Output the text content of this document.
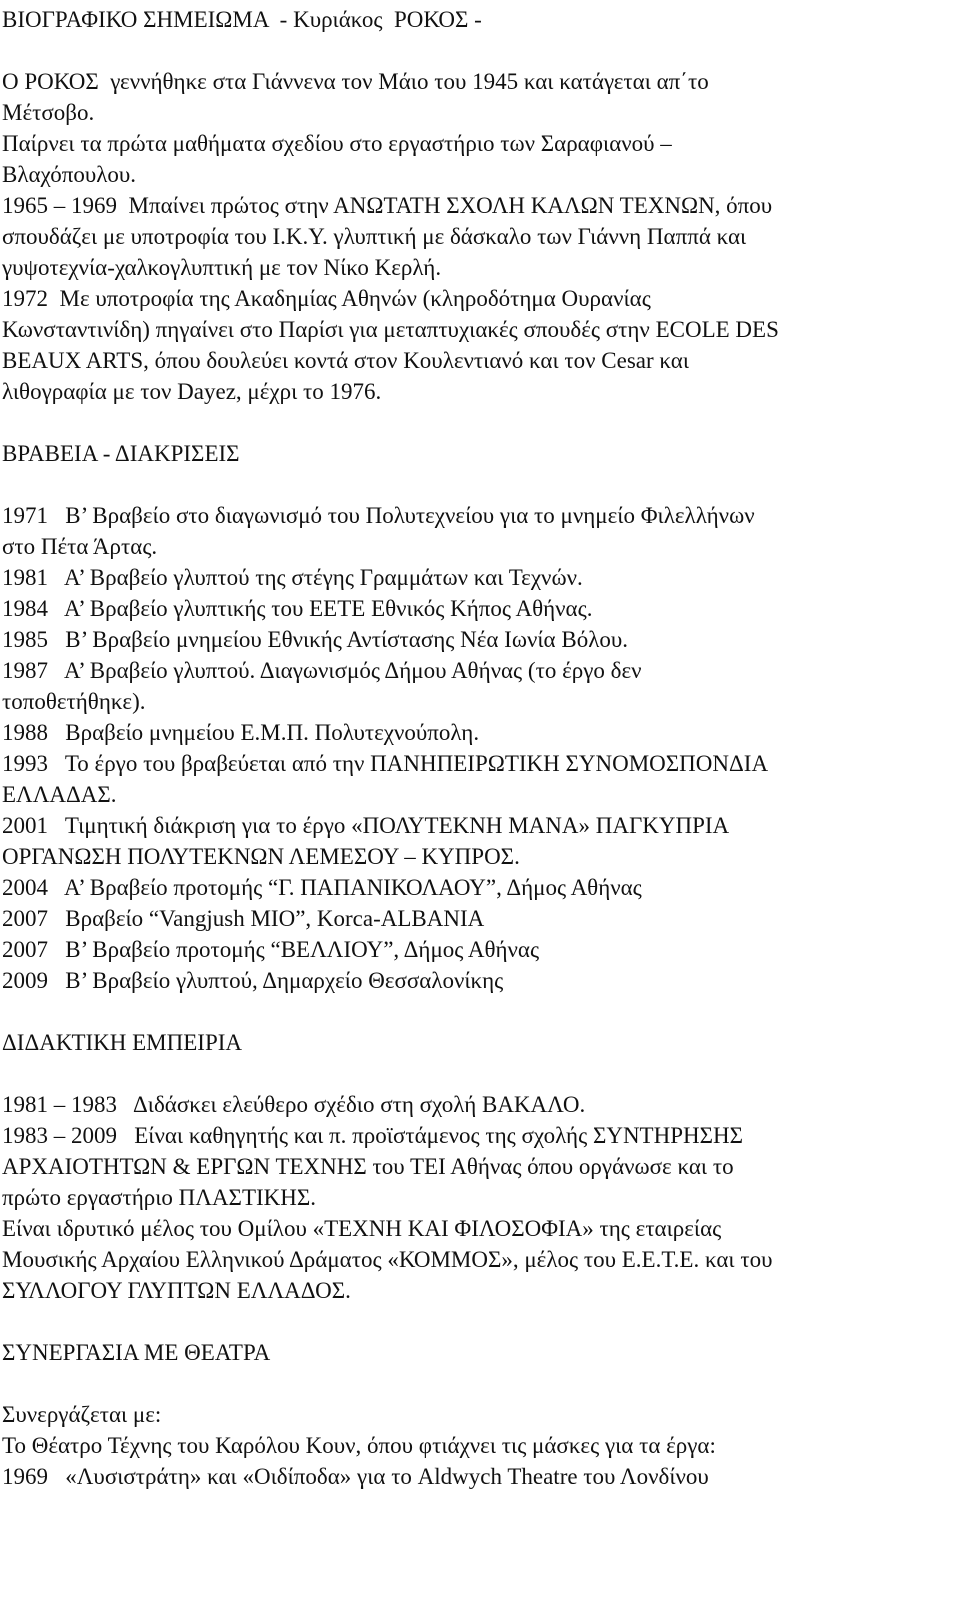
ΒΙΟΓΡΑΦΙΚΟ ΣΗΜΕΙΩΜΑ  - Κυριάκος  ΡΟΚΟΣ -
Ο ΡΟΚΟΣ  γεννήθηκε στα Γιάννενα τον Μάιο του 1945 και κατάγεται απ΄το
Μέτσοβο.
Παίρνει τα πρώτα μαθήματα σχεδίου στο εργαστήριο των Σαραφιανού –
Βλαχόπουλου.
1965 – 1969  Μπαίνει πρώτος στην ΑΝΩΤΑΤΗ ΣΧΟΛΗ ΚΑΛΩΝ ΤΕΧΝΩΝ, όπου
σπουδάζει με υποτροφία του Ι.Κ.Υ. γλυπτική με δάσκαλο των Γιάννη Παππά και
γυψοτεχνία-χαλκογλυπτική με τον Νίκο Κερλή.
1972  Με υποτροφία της Ακαδημίας Αθηνών (κληροδότημα Ουρανίας
Κωνσταντινίδη) πηγαίνει στο Παρίσι για μεταπτυχιακές σπουδές στην ECOLE DES
BEAUX ARTS, όπου δουλεύει κοντά στον Κουλεντιανό και τον Cesar και
λιθογραφία με τον Dayez, μέχρι το 1976.
ΒΡΑΒΕΙΑ - ΔΙΑΚΡΙΣΕΙΣ
1971   Β’ Βραβείο στο διαγωνισμό του Πολυτεχνείου για το μνημείο Φιλελλήνων
στο Πέτα Άρτας.
1981   Α’ Βραβείο γλυπτού της στέγης Γραμμάτων και Τεχνών.
1984   Α’ Βραβείο γλυπτικής του ΕΕΤΕ Εθνικός Κήπος Αθήνας.
1985   Β’ Βραβείο μνημείου Εθνικής Αντίστασης Νέα Ιωνία Βόλου.
1987   Α’ Βραβείο γλυπτού. Διαγωνισμός Δήμου Αθήνας (το έργο δεν
τοποθετήθηκε).
1988   Βραβείο μνημείου Ε.Μ.Π. Πολυτεχνούπολη.
1993   Το έργο του βραβεύεται από την ΠΑΝΗΠΕΙΡΩΤΙΚΗ ΣΥΝΟΜΟΣΠΟΝΔΙΑ
ΕΛΛΑΔΑΣ.
2001   Τιμητική διάκριση για το έργο «ΠΟΛΥΤΕΚΝΗ ΜΑΝΑ» ΠΑΓΚΥΠΡΙΑ
ΟΡΓΑΝΩΣΗ ΠΟΛΥΤΕΚΝΩΝ ΛΕΜΕΣΟΥ – ΚΥΠΡΟΣ.
2004   Α’ Βραβείο προτομής “Γ. ΠΑΠΑΝΙΚΟΛΑΟΥ”, Δήμος Αθήνας
2007   Βραβείο “Vangjush MIO”, Korca-ALBANIA
2007   Β’ Βραβείο προτομής “ΒΕΛΛΙΟΥ”, Δήμος Αθήνας
2009   Β’ Βραβείο γλυπτού, Δημαρχείο Θεσσαλονίκης
ΔΙΔΑΚΤΙΚΗ ΕΜΠΕΙΡΙΑ
1981 – 1983   Διδάσκει ελεύθερο σχέδιο στη σχολή ΒΑΚΑΛΟ.
1983 – 2009   Είναι καθηγητής και π. προϊστάμενος της σχολής ΣΥΝΤΗΡΗΣΗΣ
ΑΡΧΑΙΟΤΗΤΩΝ & ΕΡΓΩΝ ΤΕΧΝΗΣ του ΤΕΙ Αθήνας όπου οργάνωσε και το
πρώτο εργαστήριο ΠΛΑΣΤΙΚΗΣ.
Είναι ιδρυτικό μέλος του Ομίλου «ΤΕΧΝΗ ΚΑΙ ΦΙΛΟΣΟΦΙΑ» της εταιρείας
Μουσικής Αρχαίου Ελληνικού Δράματος «ΚΟΜΜΟΣ», μέλος του Ε.Ε.Τ.Ε. και του
ΣΥΛΛΟΓΟΥ ΓΛΥΠΤΩΝ ΕΛΛΑΔΟΣ.
ΣΥΝΕΡΓΑΣΙΑ ΜΕ ΘΕΑΤΡΑ
Συνεργάζεται με:
Το Θέατρο Τέχνης του Καρόλου Κουν, όπου φτιάχνει τις μάσκες για τα έργα:
1969   «Λυσιστράτη» και «Οιδίποδα» για το Aldwych Theatre του Λονδίνου
